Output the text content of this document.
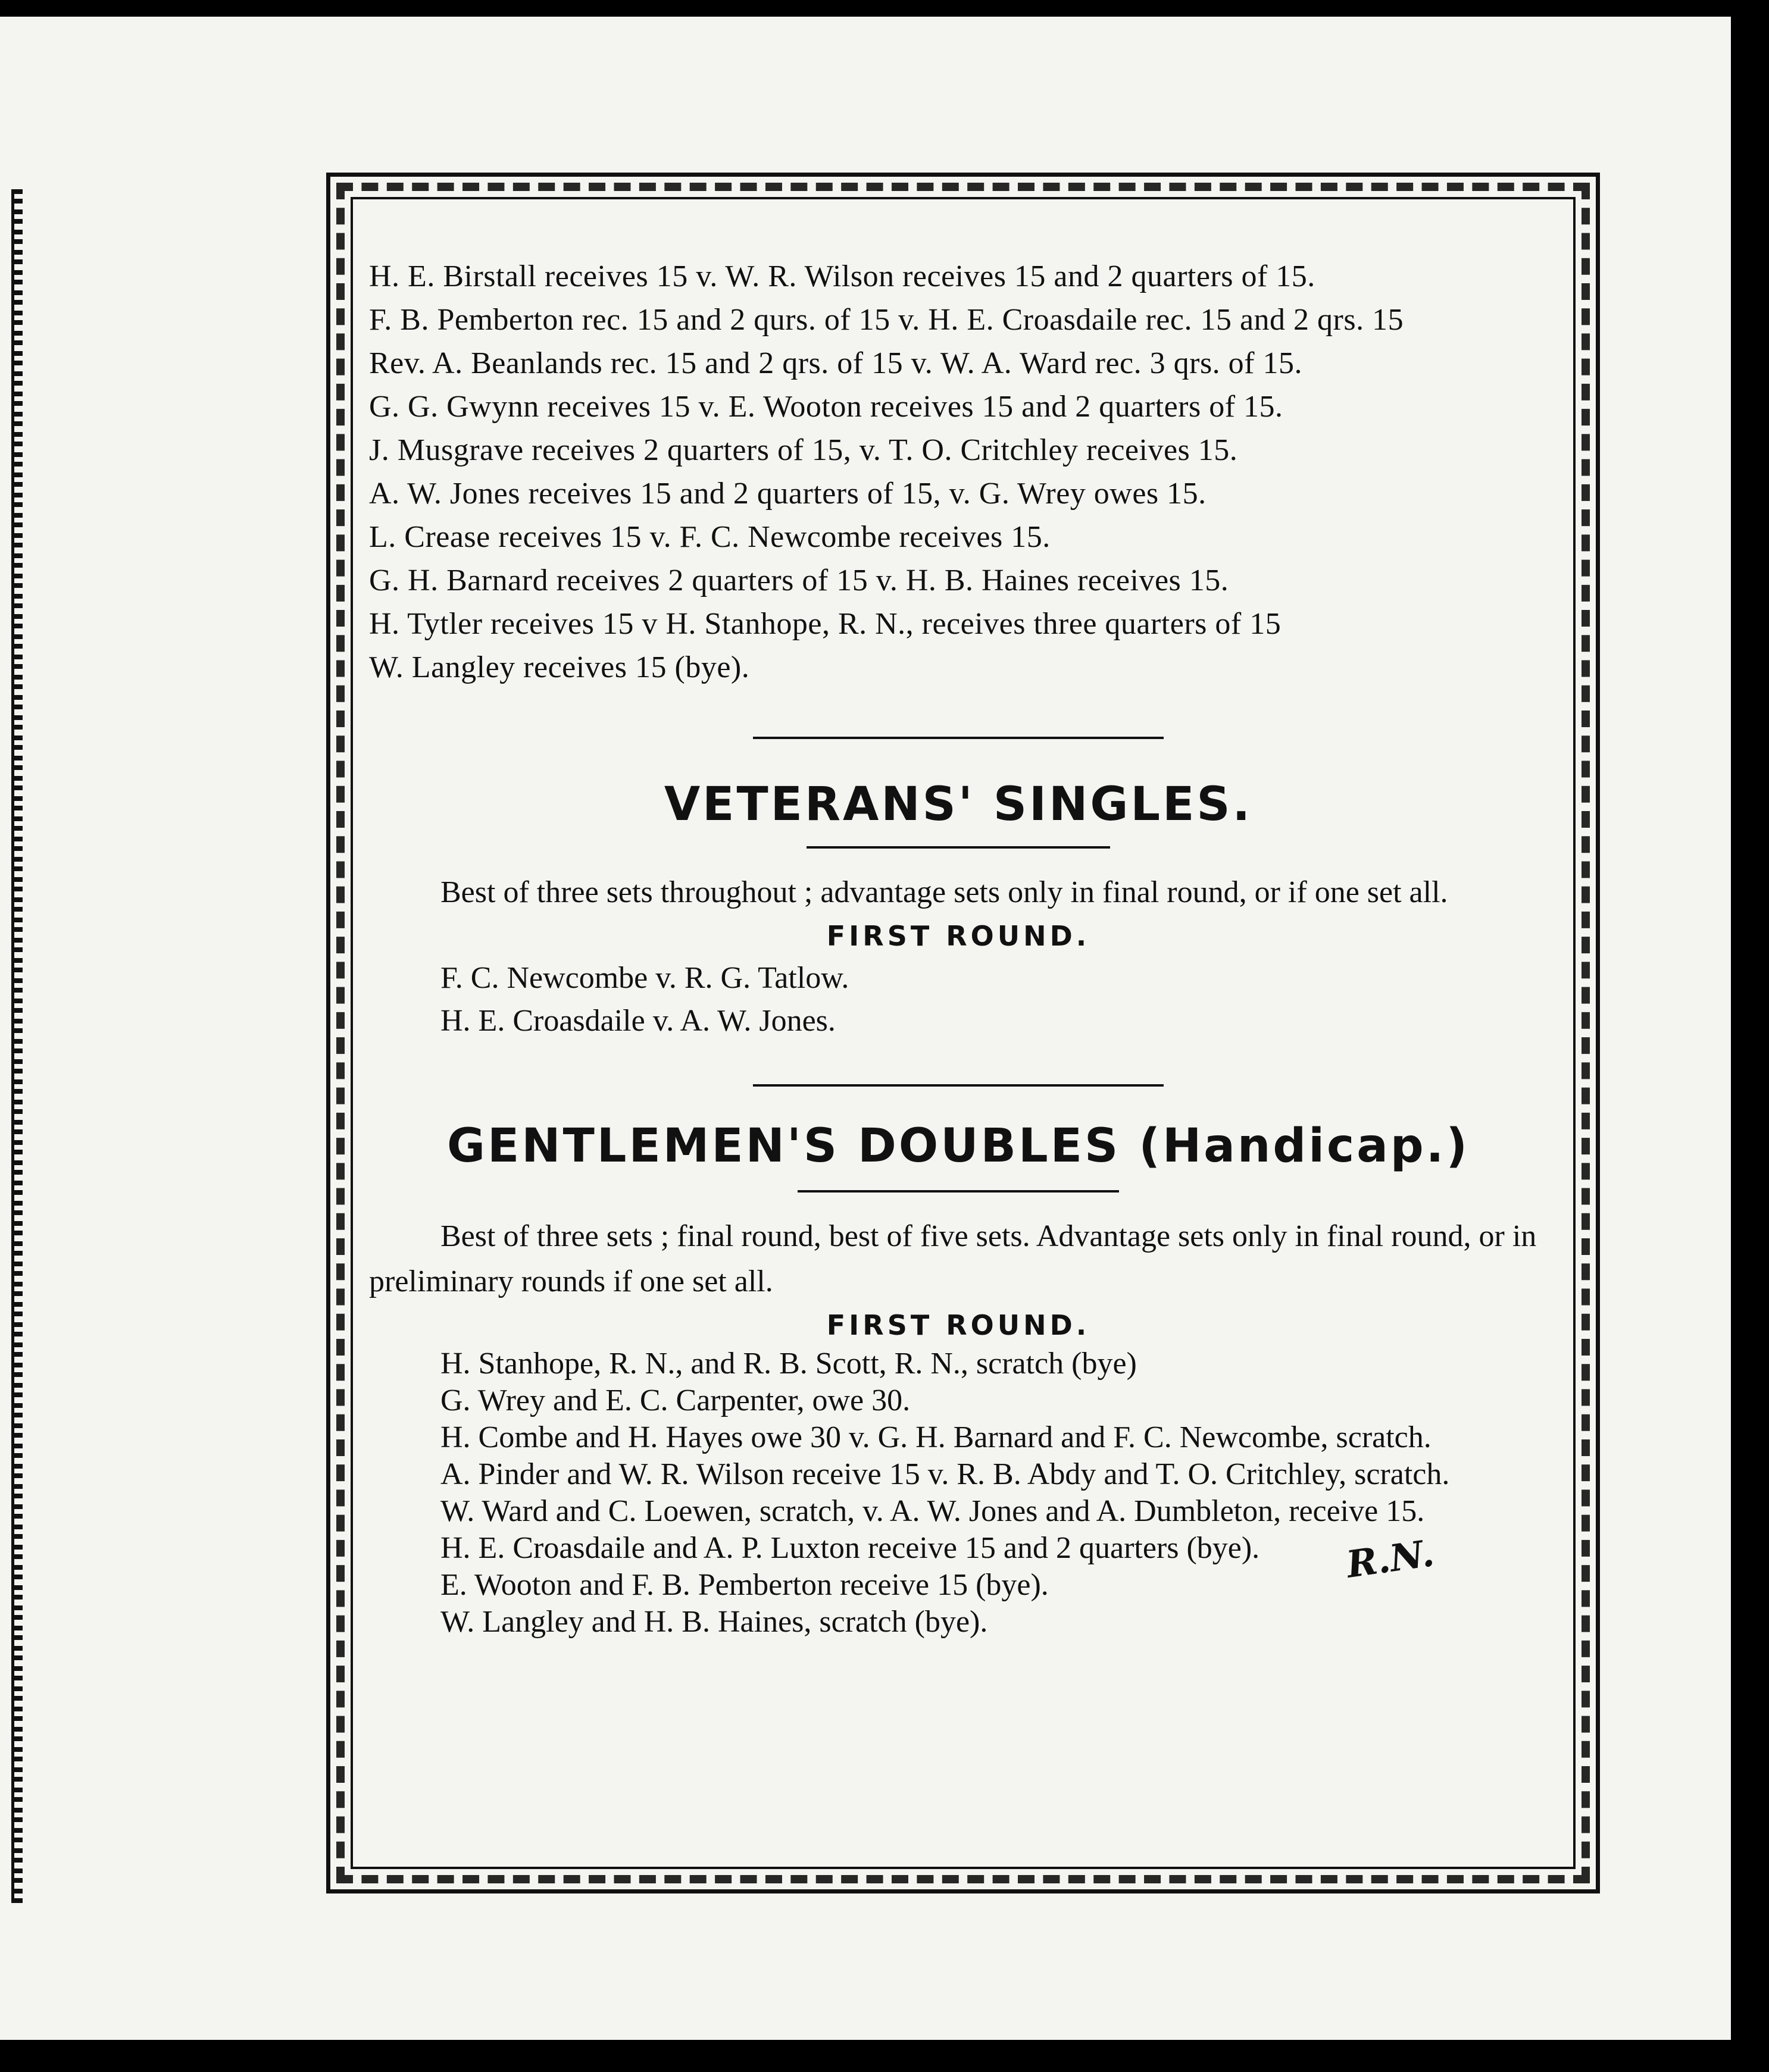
H. E. Birstall receives 15 v. W. R. Wilson receives 15 and 2 quarters of 15.
F. B. Pemberton rec. 15 and 2 qurs. of 15 v. H. E. Croasdaile rec. 15 and 2 qrs. 15
Rev. A. Beanlands rec. 15 and 2 qrs. of 15 v. W. A. Ward rec. 3 qrs. of 15.
G. G. Gwynn receives 15 v. E. Wooton receives 15 and 2 quarters of 15.
J. Musgrave receives 2 quarters of 15, v. T. O. Critchley receives 15.
A. W. Jones receives 15 and 2 quarters of 15, v. G. Wrey owes 15.
L. Crease receives 15 v. F. C. Newcombe receives 15.
G. H. Barnard receives 2 quarters of 15 v. H. B. Haines receives 15.
H. Tytler receives 15 v H. Stanhope, R. N., receives three quarters of 15
W. Langley receives 15 (bye).
VETERANS' SINGLES.
Best of three sets throughout ; advantage sets only in final round, or if one set all.
FIRST ROUND.
F. C. Newcombe v. R. G. Tatlow.
H. E. Croasdaile v. A. W. Jones.
GENTLEMEN'S DOUBLES (Handicap.)
Best of three sets ; final round, best of five sets. Advantage sets only in final round, or in preliminary rounds if one set all.
FIRST ROUND.
H. Stanhope, R. N., and R. B. Scott, R. N., scratch (bye)
G. Wrey and E. C. Carpenter, owe 30.
H. Combe and H. Hayes owe 30 v. G. H. Barnard and F. C. Newcombe, scratch.
A. Pinder and W. R. Wilson receive 15 v. R. B. Abdy and T. O. Critchley, scratch.
W. Ward and C. Loewen, scratch, v. A. W. Jones and A. Dumbleton, receive 15.
H. E. Croasdaile and A. P. Luxton receive 15 and 2 quarters (bye).
E. Wooton and F. B. Pemberton receive 15 (bye).
W. Langley and H. B. Haines, scratch (bye).
R.N.
